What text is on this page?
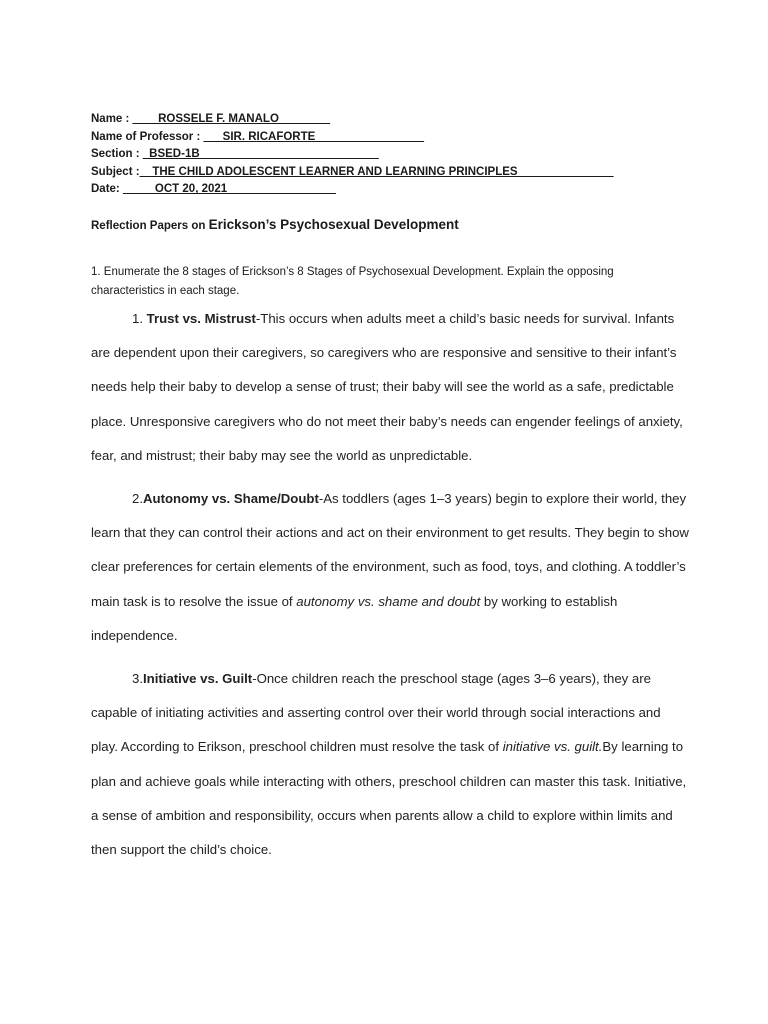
Name : ____ROSSELE F. MANALO________
Name of Professor : ___SIR. RICAFORTE_________________
Section : _BSED-1B____________________________
Subject :__THE CHILD ADOLESCENT LEARNER AND LEARNING PRINCIPLES_______________
Date: _____OCT 20, 2021_________________
Reflection Papers on Erickson’s Psychosexual Development
1. Enumerate the 8 stages of Erickson’s 8 Stages of Psychosexual Development. Explain the opposing characteristics in each stage.
1. Trust vs. Mistrust-This occurs when adults meet a child’s basic needs for survival. Infants are dependent upon their caregivers, so caregivers who are responsive and sensitive to their infant’s needs help their baby to develop a sense of trust; their baby will see the world as a safe, predictable place. Unresponsive caregivers who do not meet their baby’s needs can engender feelings of anxiety, fear, and mistrust; their baby may see the world as unpredictable.
2.Autonomy vs. Shame/Doubt-As toddlers (ages 1–3 years) begin to explore their world, they learn that they can control their actions and act on their environment to get results. They begin to show clear preferences for certain elements of the environment, such as food, toys, and clothing. A toddler’s main task is to resolve the issue of autonomy vs. shame and doubt by working to establish independence.
3.Initiative vs. Guilt-Once children reach the preschool stage (ages 3–6 years), they are capable of initiating activities and asserting control over their world through social interactions and play. According to Erikson, preschool children must resolve the task of initiative vs. guilt.By learning to plan and achieve goals while interacting with others, preschool children can master this task. Initiative, a sense of ambition and responsibility, occurs when parents allow a child to explore within limits and then support the child’s choice.
